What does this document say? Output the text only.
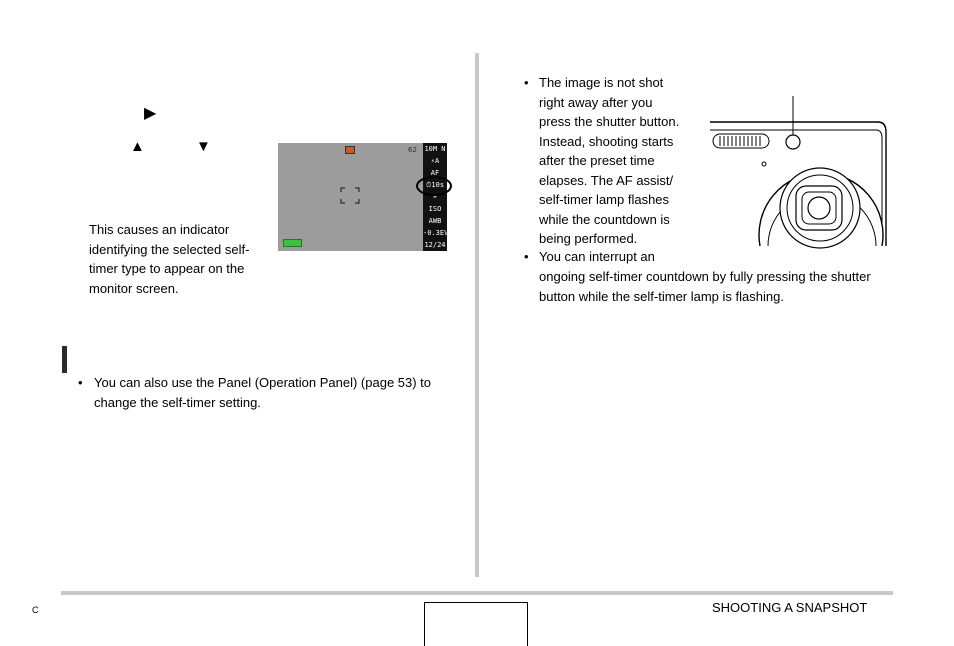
▶
▲	▼	62 10M N
⚡A
AF
⏱10s
☀
ISO
AWB
-0.3EV
12/24
This causes an indicator
identifying the selected self-
timer type to appear on the
monitor screen.
• You can also use the Panel (Operation Panel) (page 53) to
change the self-timer setting.
• The image is not shot
right away after you
press the shutter button.
Instead, shooting starts
after the preset time
elapses. The AF assist/
self-timer lamp flashes
while the countdown is
being performed.
• You can interrupt an
ongoing self-timer countdown by fully pressing the shutter
button while the self-timer lamp is flashing.
C	SHOOTING A SNAPSHOT
